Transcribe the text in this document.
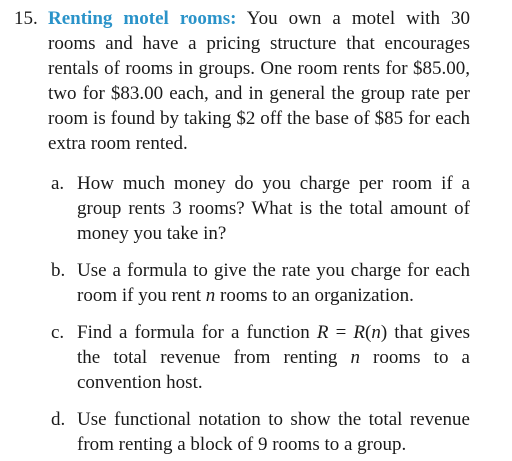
15. Renting motel rooms: You own a motel with 30 rooms and have a pricing structure that encourages rentals of rooms in groups. One room rents for $85.00, two for $83.00 each, and in general the group rate per room is found by taking $2 off the base of $85 for each extra room rented.
a. How much money do you charge per room if a group rents 3 rooms? What is the total amount of money you take in?
b. Use a formula to give the rate you charge for each room if you rent n rooms to an organization.
c. Find a formula for a function R = R(n) that gives the total revenue from renting n rooms to a convention host.
d. Use functional notation to show the total revenue from renting a block of 9 rooms to a group.
